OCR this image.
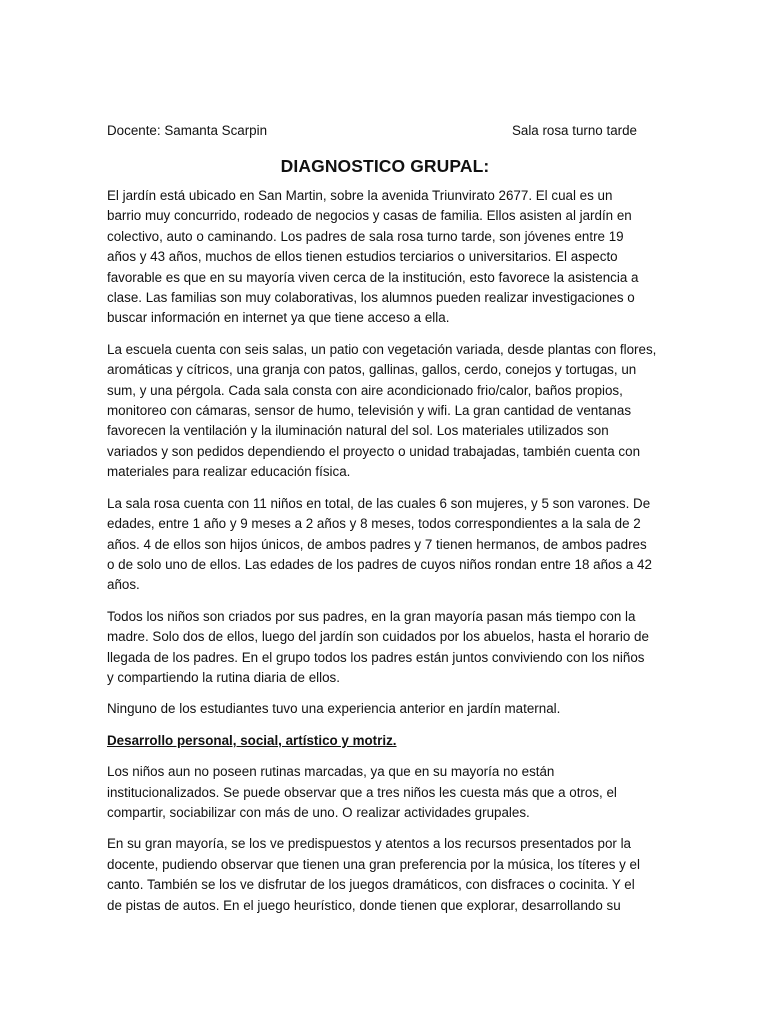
Docente: Samanta Scarpin	Sala rosa turno tarde
DIAGNOSTICO GRUPAL:
El jardín está ubicado en San Martin, sobre la avenida Triunvirato 2677. El cual es un
barrio muy concurrido, rodeado de negocios y casas de familia. Ellos asisten al jardín en
colectivo, auto o caminando. Los padres de sala rosa turno tarde, son jóvenes entre 19
años y 43 años, muchos de ellos tienen estudios terciarios o universitarios. El aspecto
favorable es que en su mayoría viven cerca de la institución, esto favorece la asistencia a
clase. Las familias son muy colaborativas, los alumnos pueden realizar investigaciones o
buscar información en internet ya que tiene acceso a ella.
La escuela cuenta con seis salas, un patio con vegetación variada, desde plantas con flores,
aromáticas y cítricos, una granja con patos, gallinas, gallos, cerdo, conejos y tortugas, un
sum, y una pérgola. Cada sala consta con aire acondicionado frio/calor, baños propios,
monitoreo con cámaras, sensor de humo, televisión y wifi. La gran cantidad de ventanas
favorecen la ventilación y la iluminación natural del sol. Los materiales utilizados son
variados y son pedidos dependiendo el proyecto o unidad trabajadas, también cuenta con
materiales para realizar educación física.
La sala rosa cuenta con 11 niños en total, de las cuales 6 son mujeres, y 5 son varones. De
edades, entre 1 año y 9 meses a 2 años y 8 meses, todos correspondientes a la sala de 2
años. 4 de ellos son hijos únicos, de ambos padres y 7 tienen hermanos, de ambos padres
o de solo uno de ellos. Las edades de los padres de cuyos niños rondan entre 18 años a 42
años.
Todos los niños son criados por sus padres, en la gran mayoría pasan más tiempo con la
madre. Solo dos de ellos, luego del jardín son cuidados por los abuelos, hasta el horario de
llegada de los padres. En el grupo todos los padres están juntos conviviendo con los niños
y compartiendo la rutina diaria de ellos.
Ninguno de los estudiantes tuvo una experiencia anterior en jardín maternal.
Desarrollo personal, social, artístico y motriz.
Los niños aun no poseen rutinas marcadas, ya que en su mayoría no están
institucionalizados. Se puede observar que a tres niños les cuesta más que a otros, el
compartir, sociabilizar con más de uno. O realizar actividades grupales.
En su gran mayoría, se los ve predispuestos y atentos a los recursos presentados por la
docente, pudiendo observar que tienen una gran preferencia por la música, los títeres y el
canto. También se los ve disfrutar de los juegos dramáticos, con disfraces o cocinita. Y el
de pistas de autos. En el juego heurístico, donde tienen que explorar, desarrollando su
